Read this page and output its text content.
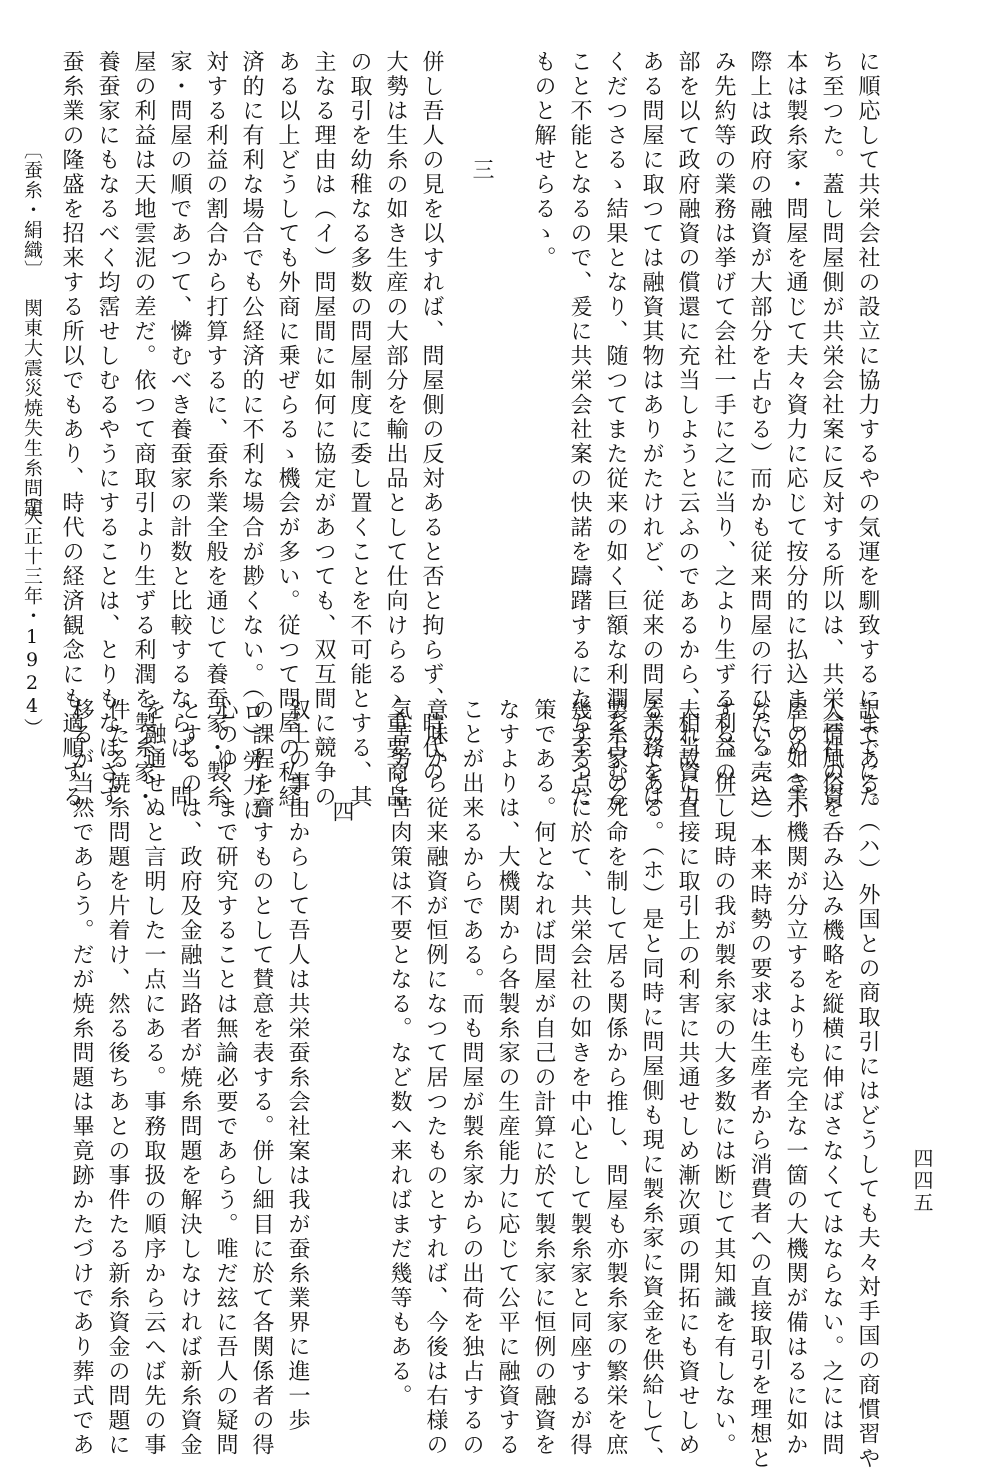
に順応して共栄会社の設立に協力するやの気運を馴致するにまでにた
ち至つた。蓋し問屋側が共栄会社案に反対する所以は、共栄会社の資
本は製糸家・問屋を通じて夫々資力に応じて按分的に払込ましめ（実
際上は政府の融資が大部分を占むる）而かも従来問屋の行ひたる売込
み先約等の業務は挙げて会社一手に之に当り、之より生ずる利益の一
部を以て政府融資の償還に充当しようと云ふのであるから、相当資力
ある問屋に取つては融資其物はありがたけれど、従来の問屋業務をは
くだつさるゝ結果となり、随つてまた従来の如く巨額な利潤を占むる
こと不能となるので、爰に共栄会社案の快諾を躊躇するにたち至つた
ものと解せらるゝ。
三
併し吾人の見を以すれば、問屋側の反対あると否と拘らず、時代の
大勢は生糸の如き生産の大部分を輸出品として仕向けらるゝ重要商品
の取引を幼稚なる多数の問屋制度に委し置くことを不可能とする、其
主なる理由は（イ）問屋間に如何に協定があつても、双互間に競争の
ある以上どうしても外商に乗ぜらるゝ機会が多い。従つて問屋の私経
済的に有利な場合でも公経済的に不利な場合が尠くない。（ロ）労力に
対する利益の割合から打算するに、蚕糸業全般を通じて養蚕家・製糸
家・問屋の順であつて、憐むべき養蚕家の計数と比較するならば、問
屋の利益は天地雲泥の差だ。依つて商取引より生ずる利潤を製糸家・
養蚕家にもなるべく均霑せしむるやうにすることは、とりもなほさず
蚕糸業の隆盛を招来する所以でもあり、時代の経済観念にも適順する
〔蚕糸・絹織〕
関東大震災焼失生糸問題
（大正十三年・1924）
訳である。（ハ）外国との商取引にはどうしても夫々対手国の商慣習や
人情風俗を呑み込み機略を縦横に伸ばさなくてはならない。之には問
屋の如き小機関が分立するよりも完全な一箇の大機関が備はるに如か
ない。（ニ）本来時勢の要求は生産者から消費者への直接取引を理想と
する。併し現時の我が製糸家の大多数には断じて其知識を有しない。
夫れ故に直接に取引上の利害に共通せしめ漸次頭の開拓にも資せしめ
るのである。（ホ）是と同時に問屋側も現に製糸家に資金を供給して、
製糸家の死命を制して居る関係から推し、問屋も亦製糸家の繁栄を庶
幾する点に於て、共栄会社の如きを中心として製糸家と同座するが得
策である。何となれば問屋が自己の計算に於て製糸家に恒例の融資を
なすよりは、大機関から各製糸家の生産能力に応じて公平に融資する
ことが出来るからである。而も問屋が製糸家からの出荷を独占するの
意味から従来融資が恒例になつて居つたものとすれば、今後は右様の
気苦労と苦肉策は不要となる。など数へ来ればまだ幾等もある。
四
叙上の事由からして吾人は共栄蚕糸会社案は我が蚕糸業界に進一歩
の課程を齎すものとして賛意を表する。併し細目に於て各関係者の得
心のゆくまで研究することは無論必要であらう。唯だ玆に吾人の疑問
とするのは、政府及金融当路者が焼糸問題を解決しなければ新糸資金
を融通せぬと言明した一点にある。事務取扱の順序から云へば先の事
件たる焼糸問題を片着け、然る後ちあとの事件たる新糸資金の問題に
移るが当然であらう。だが焼糸問題は畢竟跡かたづけであり葬式であ	四四五
